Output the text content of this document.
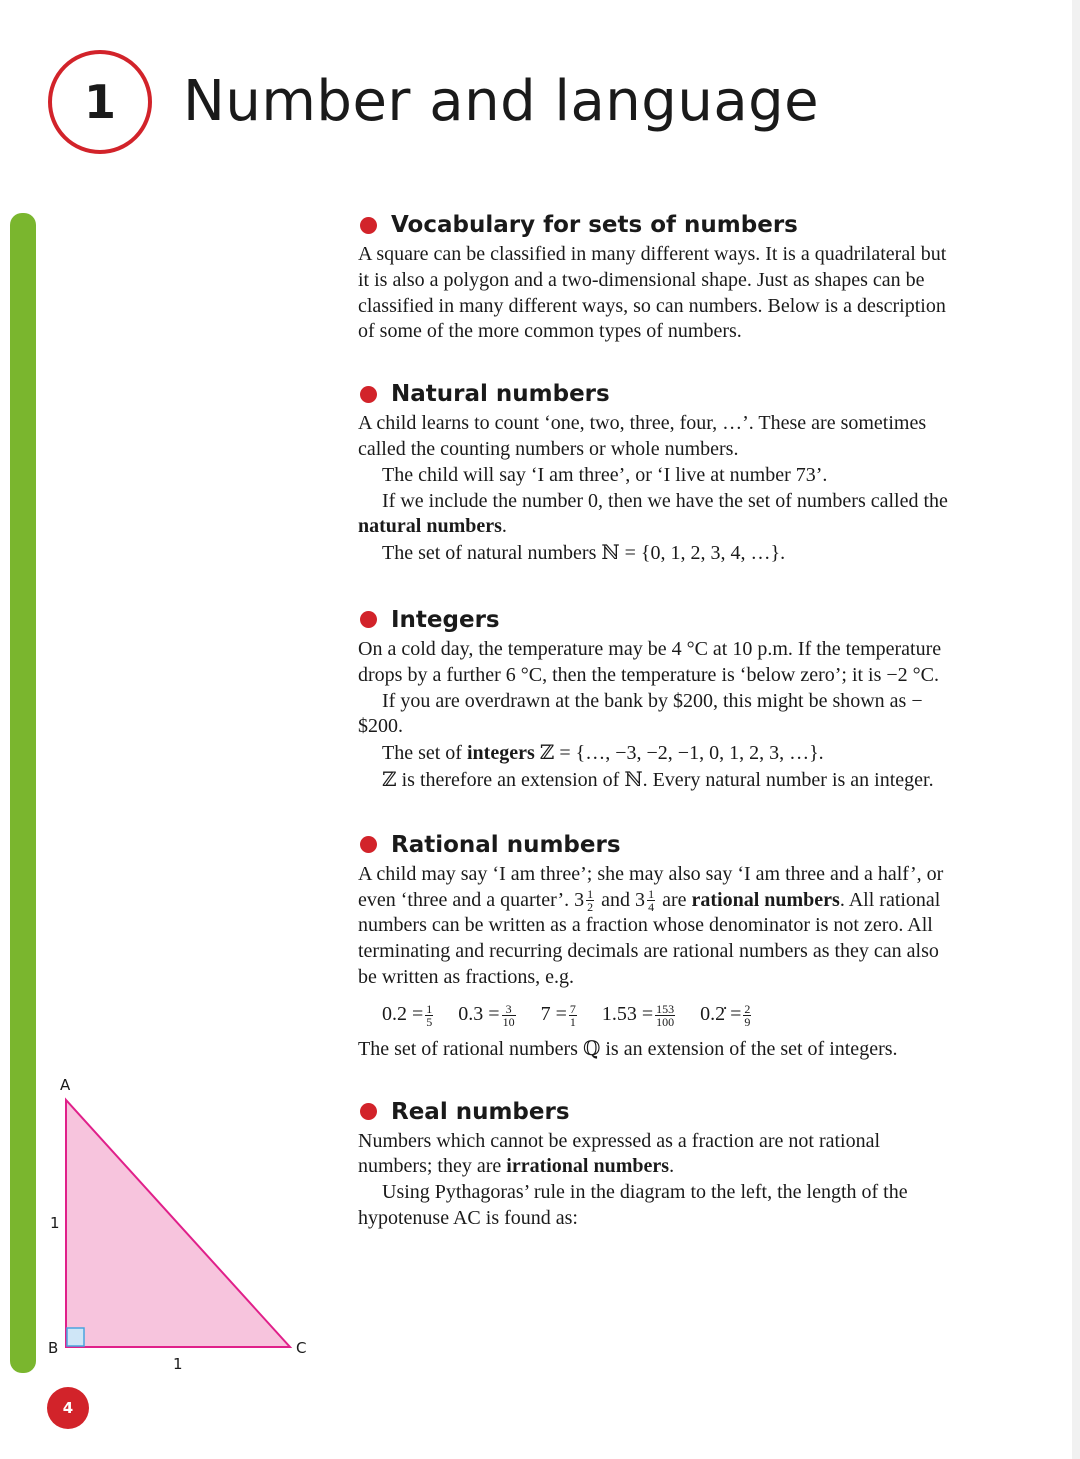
1 Number and language
A
B	C
1
1
Vocabulary for sets of numbers

A square can be classified in many different ways. It is a quadrilateral but it is also a polygon and a two-dimensional shape. Just as shapes can be classified in many different ways, so can numbers. Below is a description of some of the more common types of numbers.

Natural numbers

A child learns to count ‘one, two, three, four, …’. These are sometimes called the counting numbers or whole numbers.

The child will say ‘I am three’, or ‘I live at number 73’.

If we include the number 0, then we have the set of numbers called the natural numbers.

The set of natural numbers ℕ = {0, 1, 2, 3, 4, …}.

Integers

On a cold day, the temperature may be 4 °C at 10 p.m. If the temperature drops by a further 6 °C, then the temperature is ‘below zero’; it is −2 °C.

If you are overdrawn at the bank by $200, this might be shown as −$200.

The set of integers ℤ = {…, −3, −2, −1, 0, 1, 2, 3, …}.

ℤ is therefore an extension of ℕ. Every natural number is an integer.

Rational numbers

A child may say ‘I am three’; she may also say ‘I am three and a half’, or even ‘three and a quarter’. $3 \frac{1}{2}$ and $3 \frac{1}{4}$ are rational numbers. All rational numbers can be written as a fraction whose denominator is not zero. All terminating and recurring decimals are rational numbers as they can also be written as fractions, e.g.

$0.2 = \frac{1}{5} 0.3 = \frac{3}{10} 7 = \frac{7}{1} 1.53 = \frac{153}{100}$ 0.2̇ = $\frac{2}{9}$

The set of rational numbers ℚ is an extension of the set of integers.

Real numbers

Numbers which cannot be expressed as a fraction are not rational numbers; they are irrational numbers.

Using Pythagoras’ rule in the diagram to the left, the length of the hypotenuse AC is found as:

4
